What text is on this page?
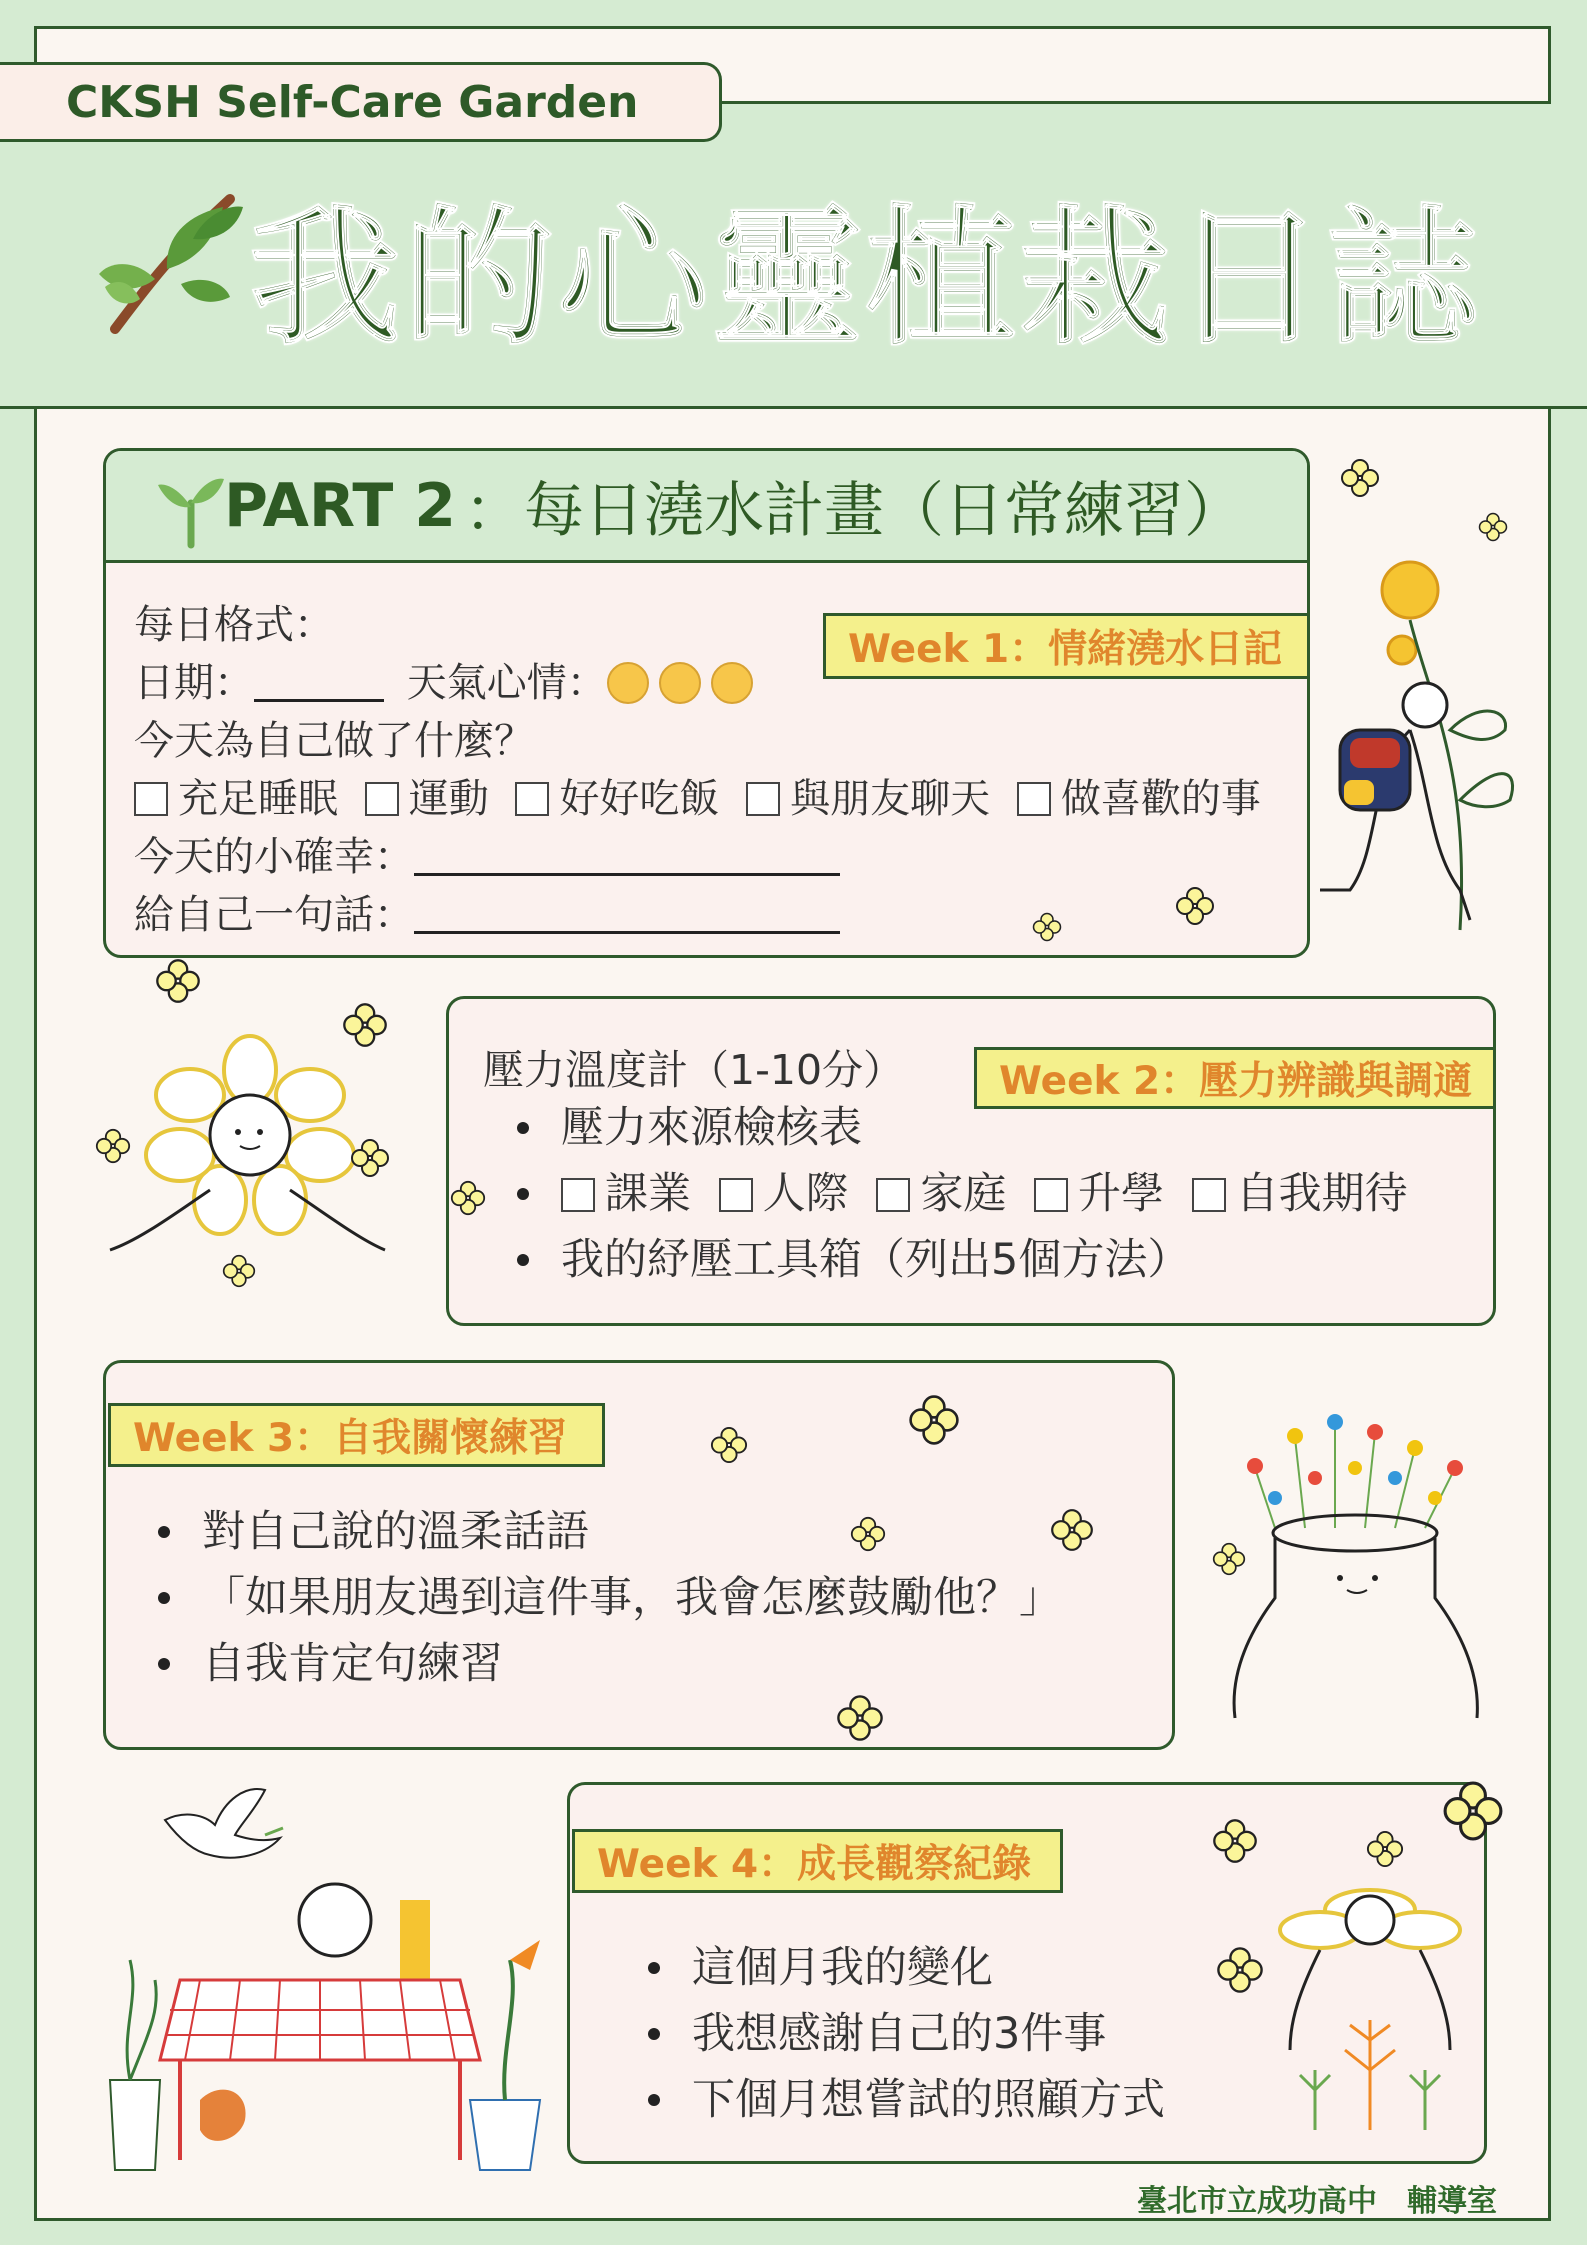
CKSH Self-Care Garden
我的心靈植栽日誌
PART 2 ：每日澆水計畫（日常練習）
Week 1：情緒澆水日記
每日格式：
日期：	天氣心情：
今天為自己做了什麼？
充足睡眠 運動 好好吃飯 與朋友聊天 做喜歡的事
今天的小確幸：
給自己一句話：
Week 2：壓力辨識與調適
壓力溫度計（1-10分）
壓力來源檢核表
課業 人際 家庭 升學 自我期待
我的紓壓工具箱（列出5個方法）
Week 3：自我關懷練習
對自己說的溫柔話語
「如果朋友遇到這件事，我會怎麼鼓勵他？」
自我肯定句練習
Week 4：成長觀察紀錄
這個月我的變化
我想感謝自己的3件事
下個月想嘗試的照顧方式
臺北市立成功高中　輔導室
